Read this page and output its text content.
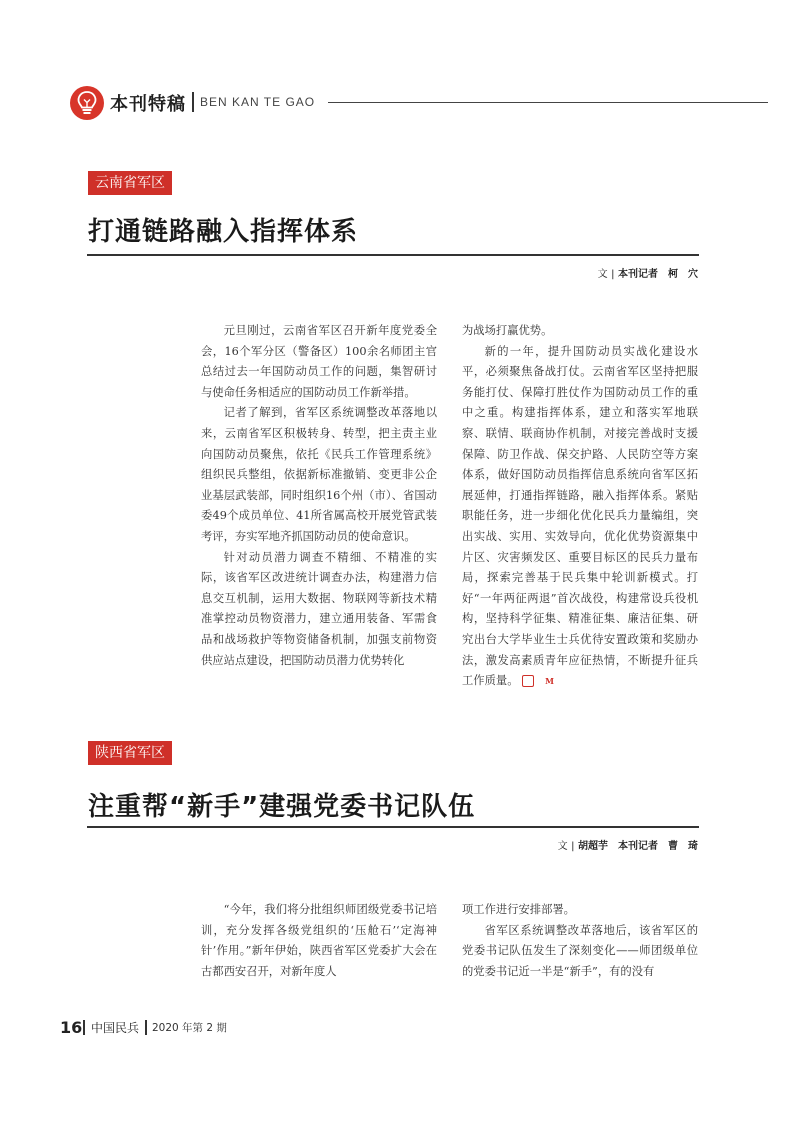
本刊特稿 BEN KAN TE GAO
云南省军区
打通链路融入指挥体系
文 | 本刊记者　柯　穴

元旦刚过，云南省军区召开新年度党委全会，16个军分区（警备区）100余名师团主官总结过去一年国防动员工作的问题，集智研讨与使命任务相适应的国防动员工作新举措。

记者了解到，省军区系统调整改革落地以来，云南省军区积极转身、转型，把主责主业向国防动员聚焦，依托《民兵工作管理系统》组织民兵整组，依据新标准撤销、变更非公企业基层武装部，同时组织16个州（市）、省国动委49个成员单位、41所省属高校开展党管武装考评，夯实军地齐抓国防动员的使命意识。

针对动员潜力调查不精细、不精准的实际，该省军区改进统计调查办法，构建潜力信息交互机制，运用大数据、物联网等新技术精准掌控动员物资潜力，建立通用装备、军需食品和战场救护等物资储备机制，加强支前物资供应站点建设，把国防动员潜力优势转化

为战场打赢优势。

新的一年，提升国防动员实战化建设水平，必须聚焦备战打仗。云南省军区坚持把服务能打仗、保障打胜仗作为国防动员工作的重中之重。构建指挥体系，建立和落实军地联察、联情、联商协作机制，对接完善战时支援保障、防卫作战、保交护路、人民防空等方案体系，做好国防动员指挥信息系统向省军区拓展延伸，打通指挥链路，融入指挥体系。紧贴职能任务，进一步细化优化民兵力量编组，突出实战、实用、实效导向，优化优势资源集中片区、灾害频发区、重要目标区的民兵力量布局，探索完善基于民兵集中轮训新模式。打好“一年两征两退”首次战役，构建常设兵役机构，坚持科学征集、精准征集、廉洁征集、研究出台大学毕业生士兵优待安置政策和奖励办法，激发高素质青年应征热情，不断提升征兵工作质量。	M

陕西省军区
注重帮“新手”建强党委书记队伍
文 | 胡超芋　本刊记者　曹　琦

“今年，我们将分批组织师团级党委书记培训，充分发挥各级党组织的‘压舱石’‘定海神针’作用。”新年伊始，陕西省军区党委扩大会在古都西安召开，对新年度人

项工作进行安排部署。

省军区系统调整改革落地后，该省军区的党委书记队伍发生了深刻变化——师团级单位的党委书记近一半是“新手”，有的没有

16 中国民兵 2020 年第 2 期
